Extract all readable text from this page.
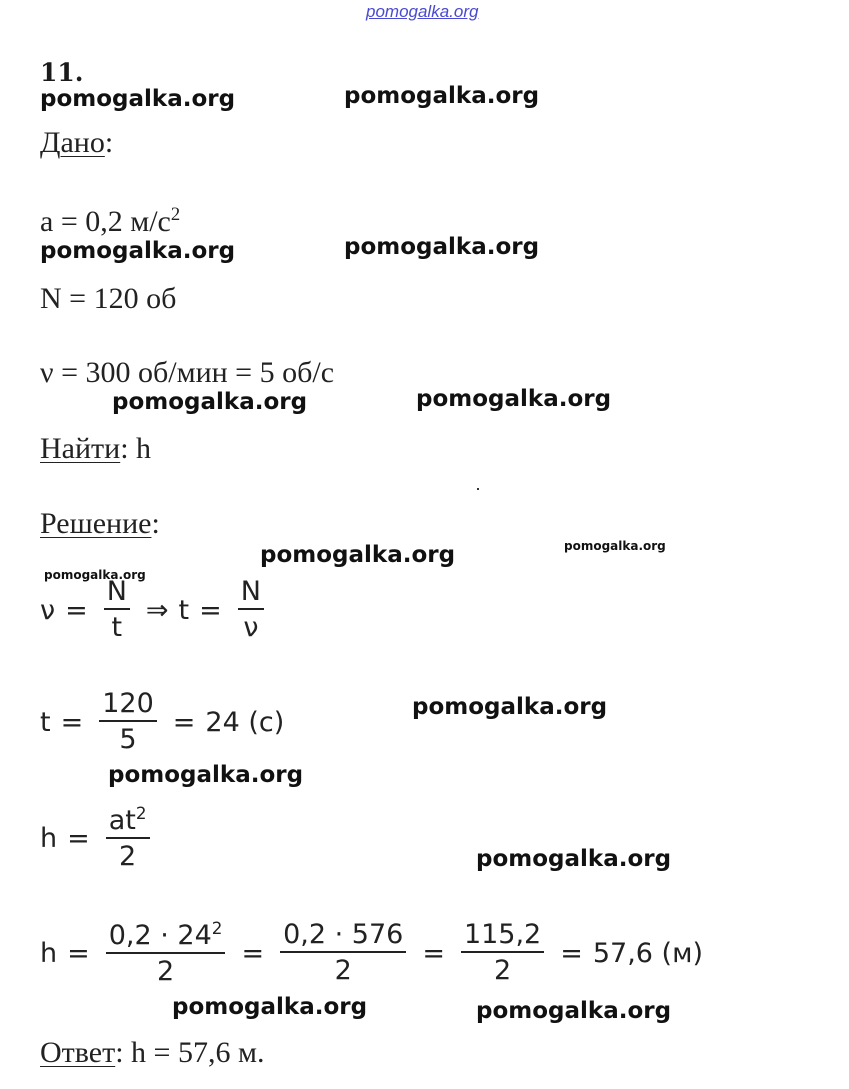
pomogalka.org
11.
pomogalka.org	pomogalka.org
pomogalka.org	pomogalka.org
pomogalka.org	pomogalka.org
pomogalka.org	pomogalka.org
pomogalka.org
pomogalka.org
pomogalka.org
pomogalka.org
pomogalka.org	pomogalka.org
Дано:
a = 0,2 $м/с^2$
N = 120 об
ν = 300 об/мин = 5 об/с
Найти: h
Решение:
$\nu = \frac{N}{t}$ ⇒ $t = \frac{N}{\nu}$
$t = \frac{120}{5} = 24$ (с)
$h = \frac{at^2}{2}$
$h = \frac{0,2 \cdot 24^2}{2} = \frac{0,2 \cdot 576}{2} = \frac{115,2}{2} = 57,6$ (м)
Ответ: h = 57,6 м.
